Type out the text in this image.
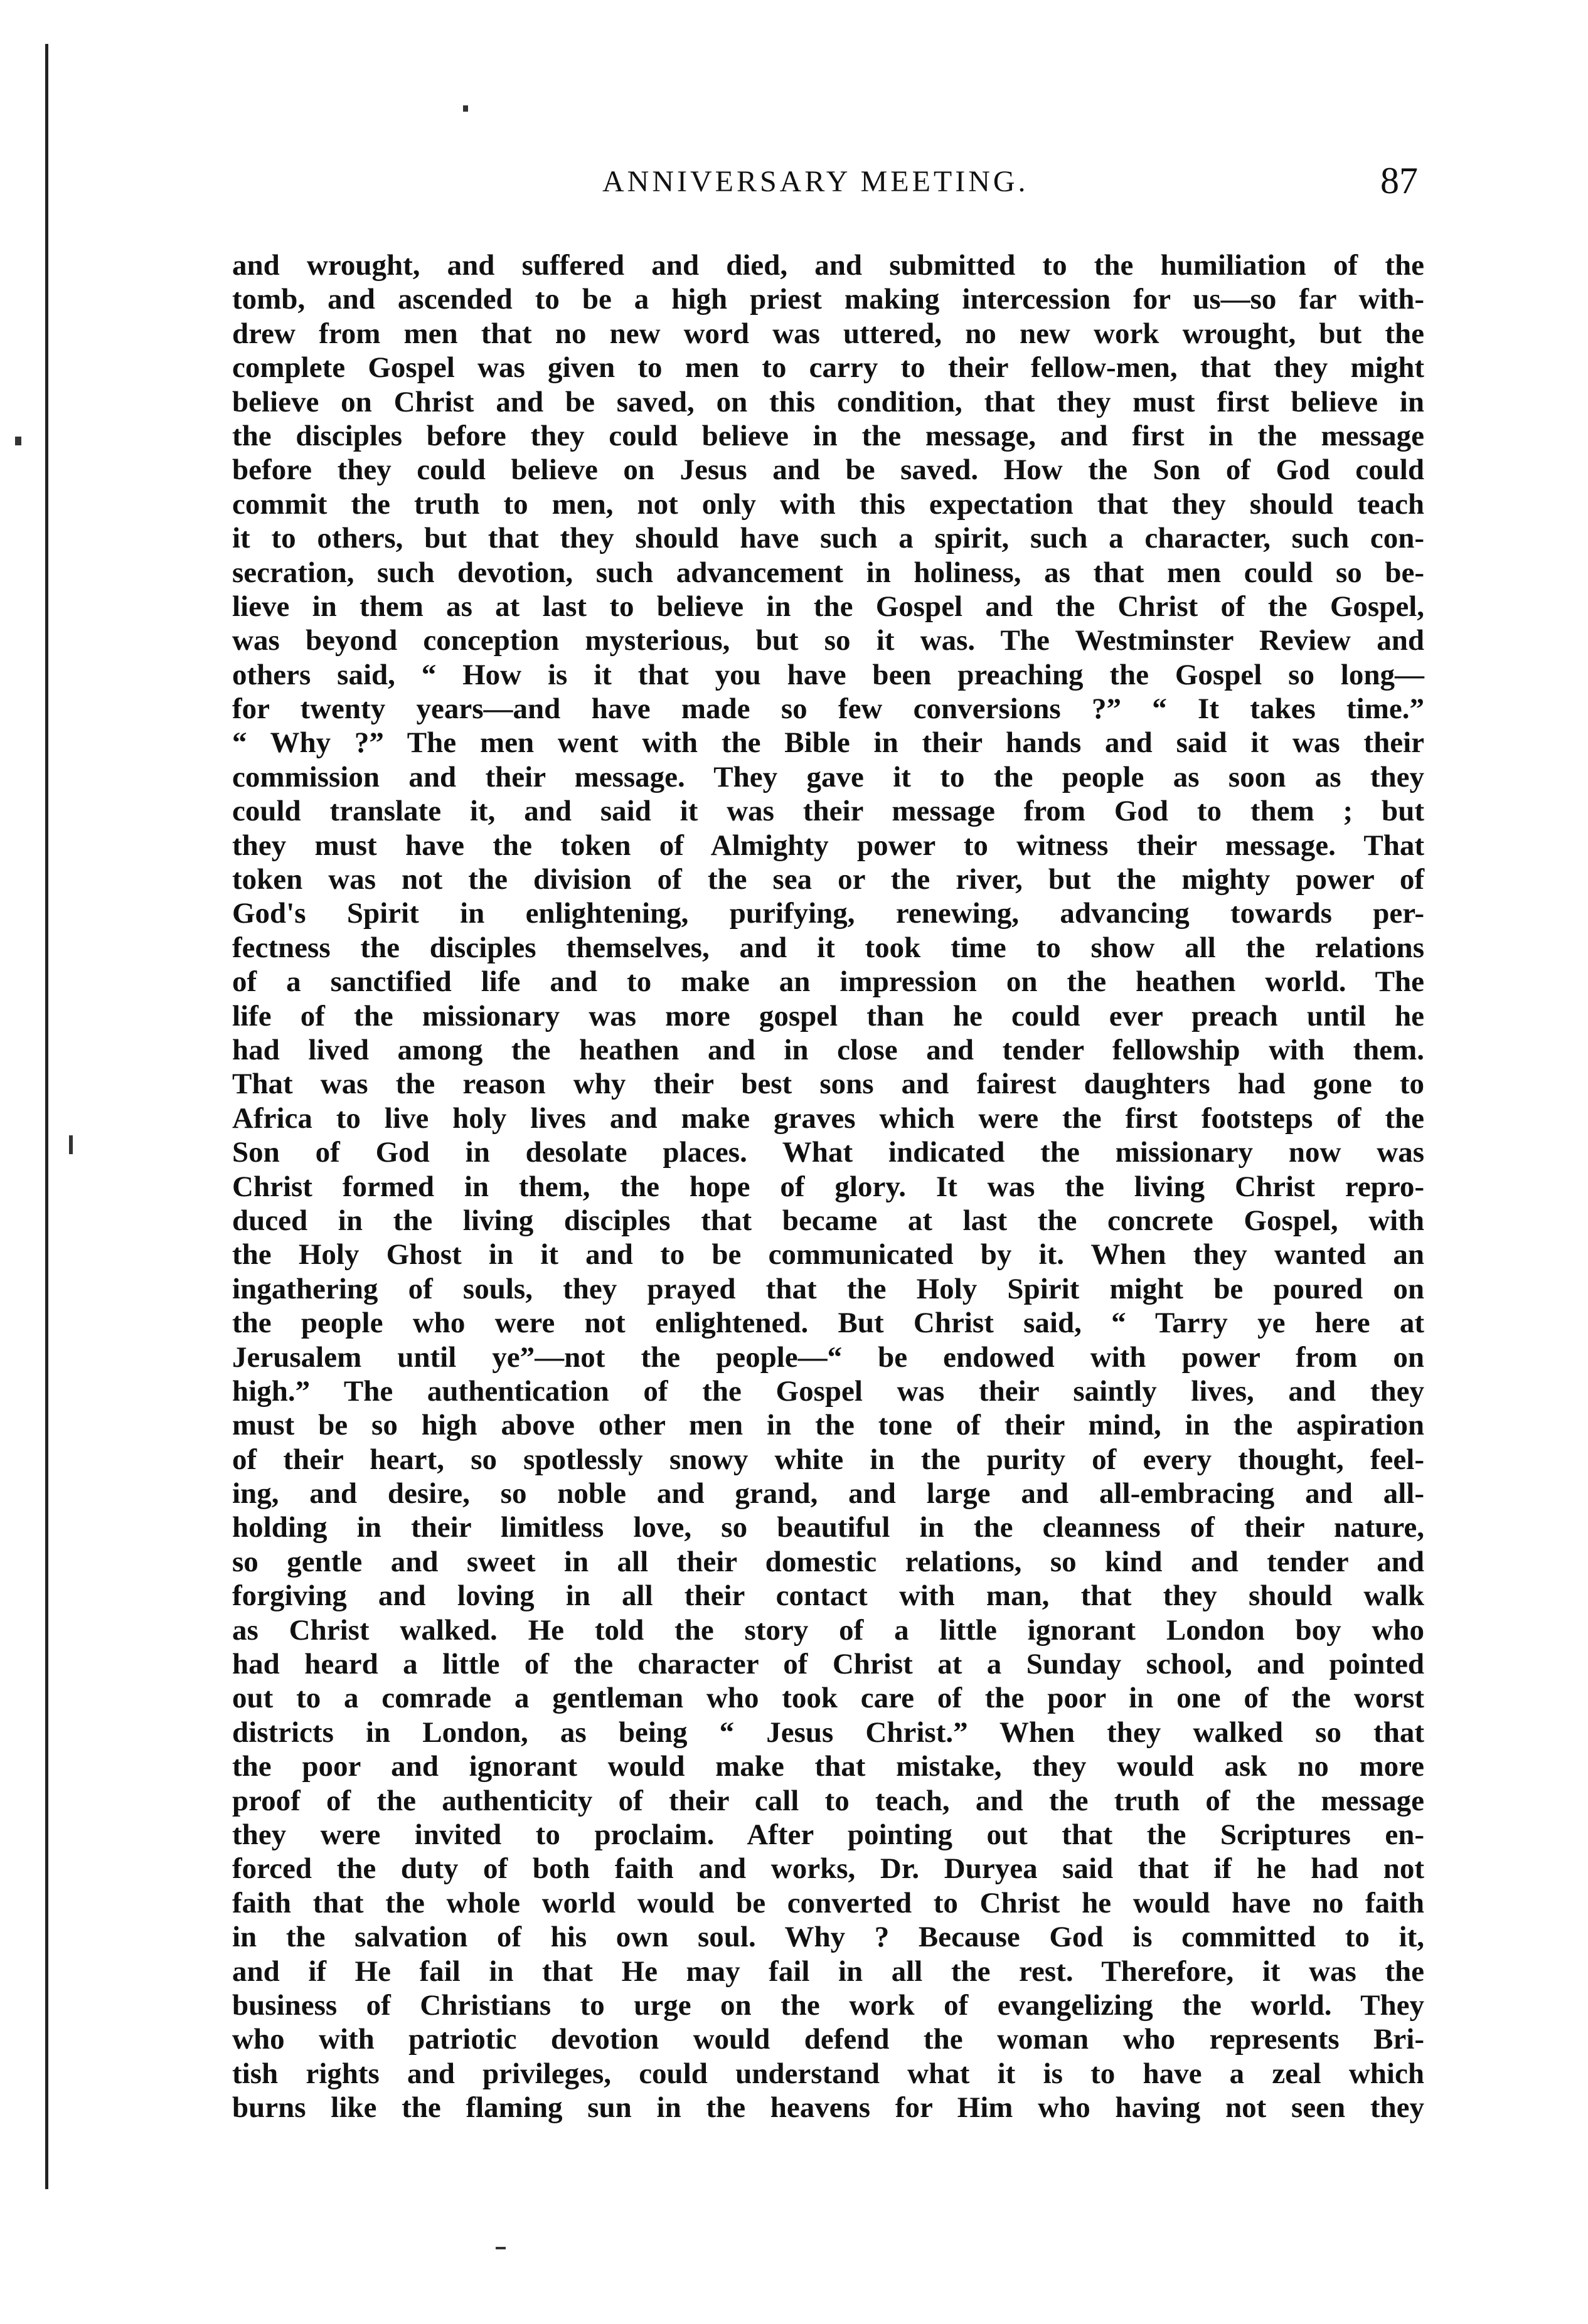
ANNIVERSARY MEETING.	87
and wrought, and suffered and died, and submitted to the humiliation of the
tomb, and ascended to be a high priest making intercession for us—so far with-
drew from men that no new word was uttered, no new work wrought, but the
complete Gospel was given to men to carry to their fellow-men, that they might
believe on Christ and be saved, on this condition, that they must first believe in
the disciples before they could believe in the message, and first in the message
before they could believe on Jesus and be saved. How the Son of God could
commit the truth to men, not only with this expectation that they should teach
it to others, but that they should have such a spirit, such a character, such con-
secration, such devotion, such advancement in holiness, as that men could so be-
lieve in them as at last to believe in the Gospel and the Christ of the Gospel,
was beyond conception mysterious, but so it was. The Westminster Review and
others said, “ How is it that you have been preaching the Gospel so long—
for twenty years—and have made so few conversions ?” “ It takes time.”
“ Why ?” The men went with the Bible in their hands and said it was their
commission and their message. They gave it to the people as soon as they
could translate it, and said it was their message from God to them ; but
they must have the token of Almighty power to witness their message. That
token was not the division of the sea or the river, but the mighty power of
God's Spirit in enlightening, purifying, renewing, advancing towards per-
fectness the disciples themselves, and it took time to show all the relations
of a sanctified life and to make an impression on the heathen world. The
life of the missionary was more gospel than he could ever preach until he
had lived among the heathen and in close and tender fellowship with them.
That was the reason why their best sons and fairest daughters had gone to
Africa to live holy lives and make graves which were the first footsteps of the
Son of God in desolate places. What indicated the missionary now was
Christ formed in them, the hope of glory. It was the living Christ repro-
duced in the living disciples that became at last the concrete Gospel, with
the Holy Ghost in it and to be communicated by it. When they wanted an
ingathering of souls, they prayed that the Holy Spirit might be poured on
the people who were not enlightened. But Christ said, “ Tarry ye here at
Jerusalem until ye”—not the people—“ be endowed with power from on
high.” The authentication of the Gospel was their saintly lives, and they
must be so high above other men in the tone of their mind, in the aspiration
of their heart, so spotlessly snowy white in the purity of every thought, feel-
ing, and desire, so noble and grand, and large and all-embracing and all-
holding in their limitless love, so beautiful in the cleanness of their nature,
so gentle and sweet in all their domestic relations, so kind and tender and
forgiving and loving in all their contact with man, that they should walk
as Christ walked. He told the story of a little ignorant London boy who
had heard a little of the character of Christ at a Sunday school, and pointed
out to a comrade a gentleman who took care of the poor in one of the worst
districts in London, as being “ Jesus Christ.” When they walked so that
the poor and ignorant would make that mistake, they would ask no more
proof of the authenticity of their call to teach, and the truth of the message
they were invited to proclaim. After pointing out that the Scriptures en-
forced the duty of both faith and works, Dr. Duryea said that if he had not
faith that the whole world would be converted to Christ he would have no faith
in the salvation of his own soul. Why ? Because God is committed to it,
and if He fail in that He may fail in all the rest. Therefore, it was the
business of Christians to urge on the work of evangelizing the world. They
who with patriotic devotion would defend the woman who represents Bri-
tish rights and privileges, could understand what it is to have a zeal which
burns like the flaming sun in the heavens for Him who having not seen they
